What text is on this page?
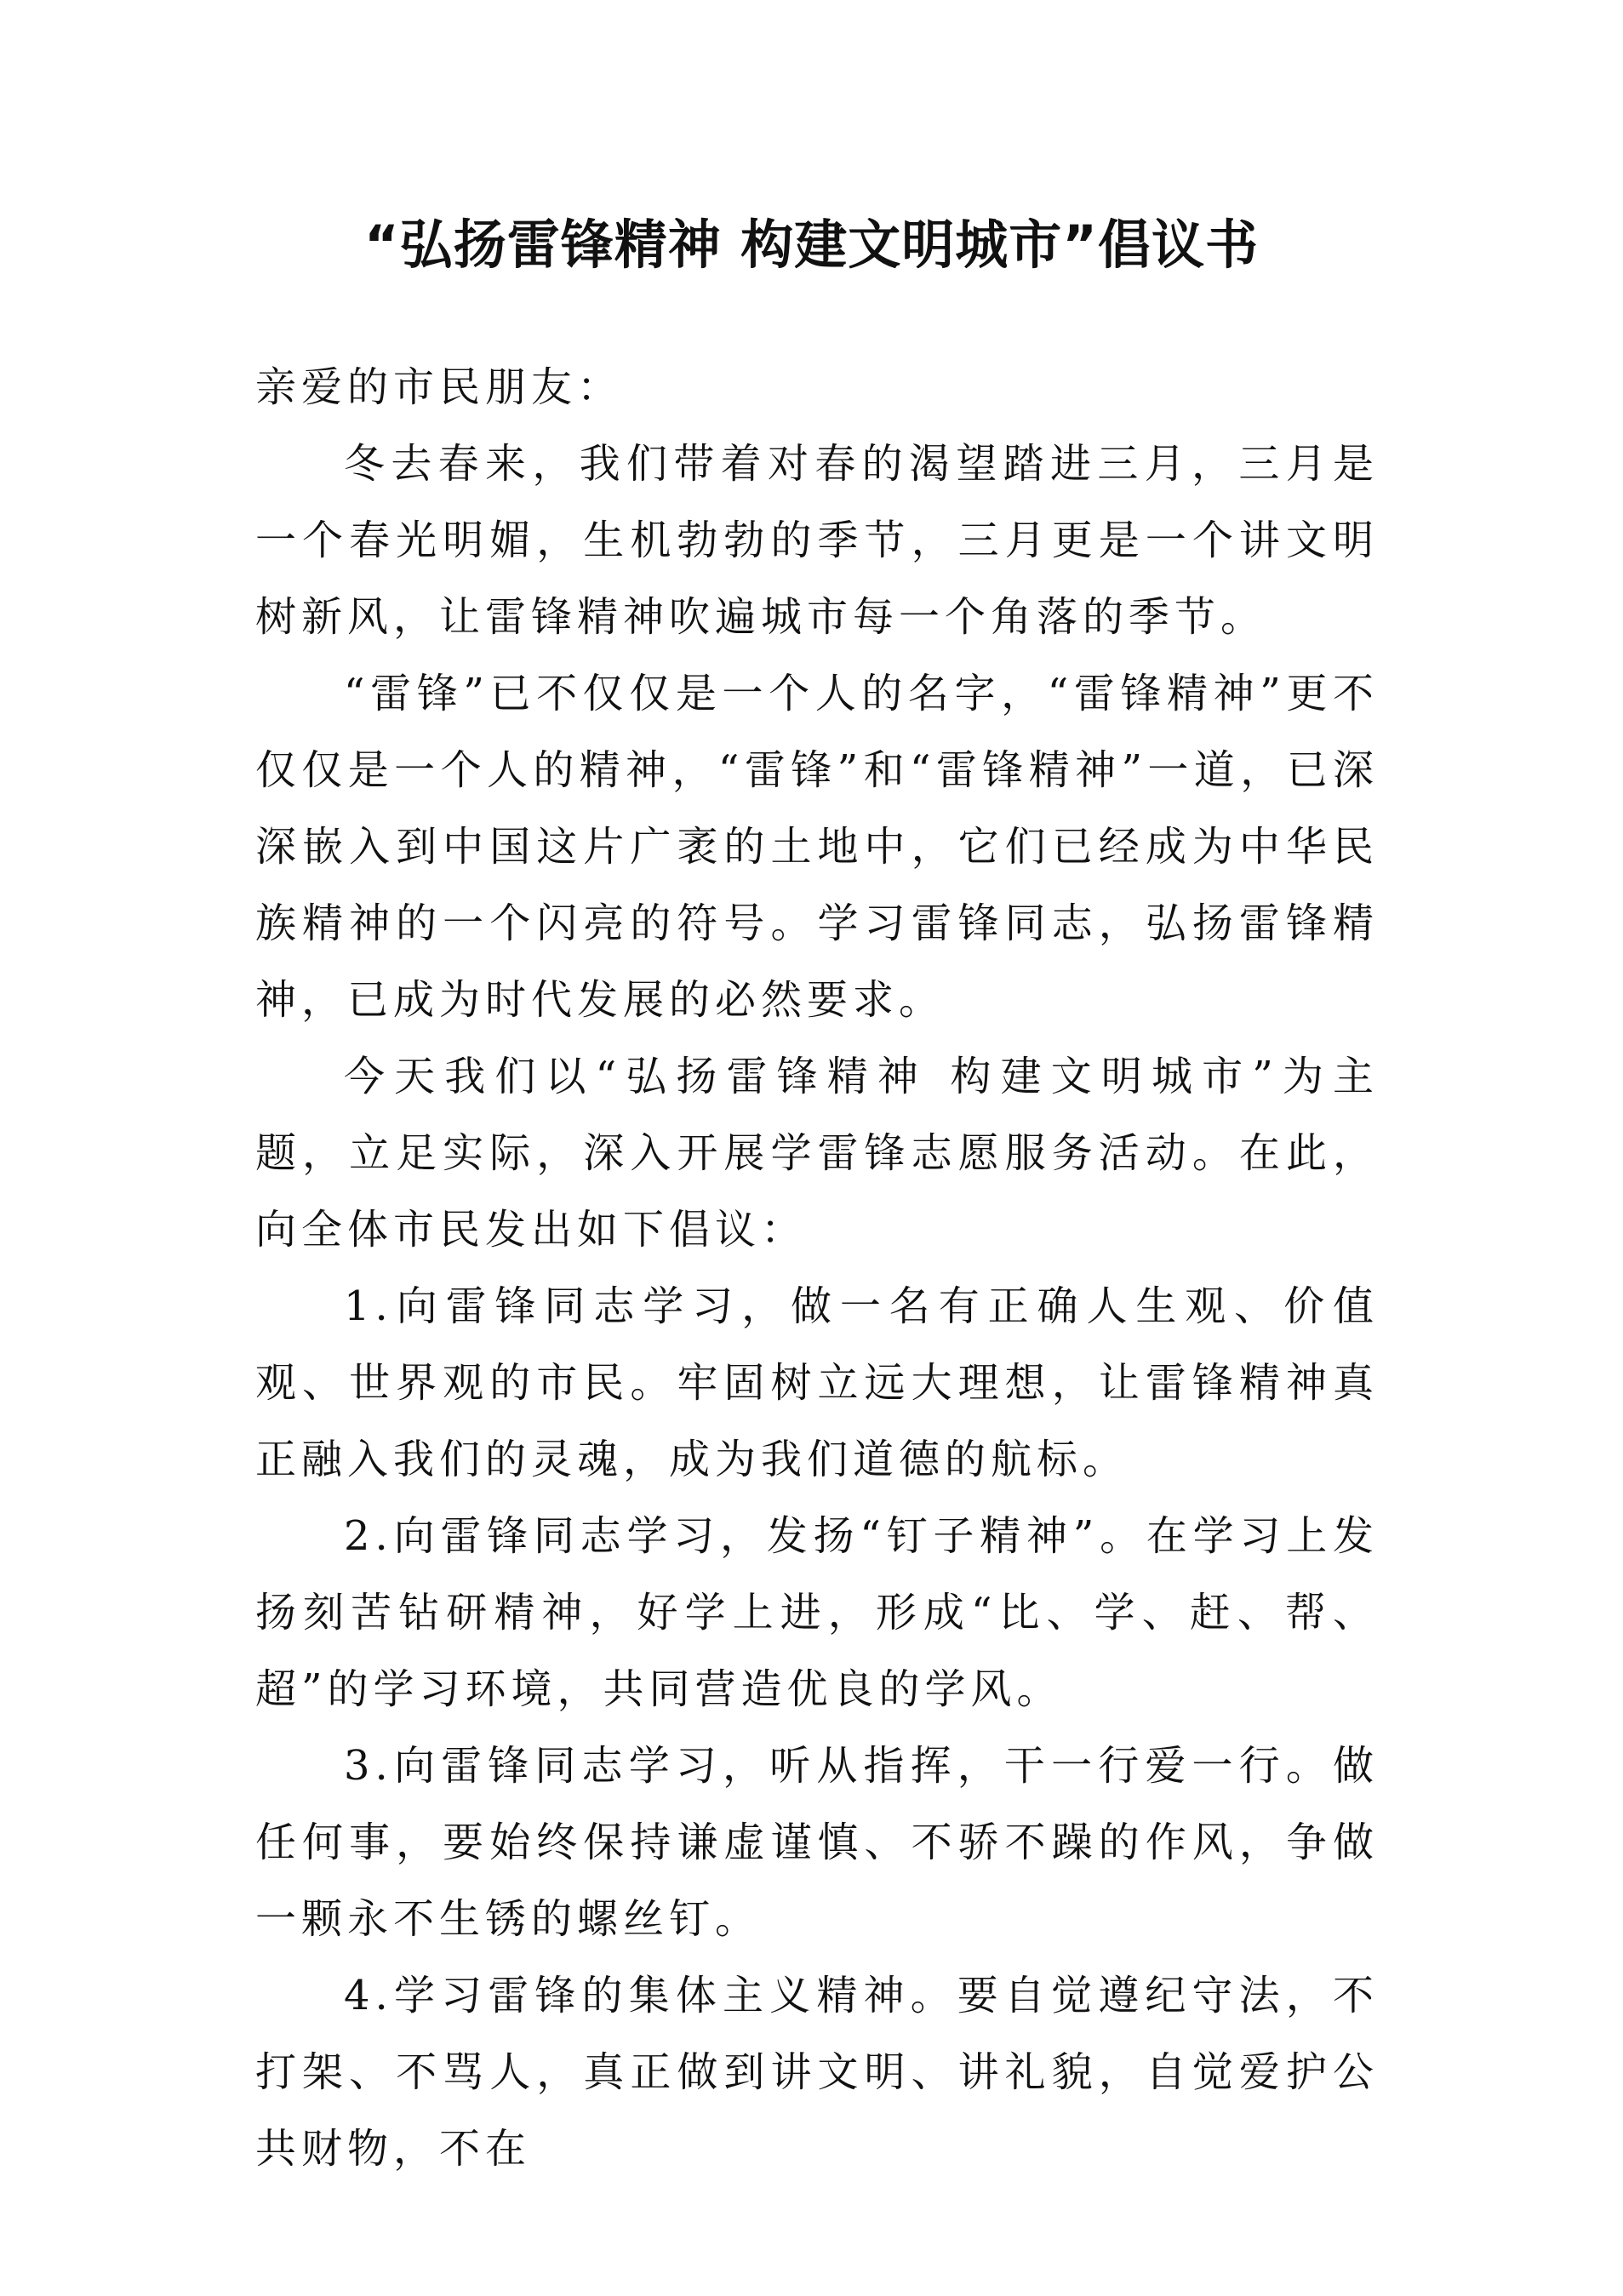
“弘扬雷锋精神 构建文明城市”倡议书

亲爱的市民朋友：

冬去春来，我们带着对春的渴望踏进三月，三月是一个春光明媚，生机勃勃的季节，三月更是一个讲文明树新风，让雷锋精神吹遍城市每一个角落的季节。

“雷锋”已不仅仅是一个人的名字，“雷锋精神”更不仅仅是一个人的精神，“雷锋”和“雷锋精神”一道，已深深嵌入到中国这片广袤的土地中，它们已经成为中华民族精神的一个闪亮的符号。学习雷锋同志，弘扬雷锋精神，已成为时代发展的必然要求。

今天我们以“弘扬雷锋精神 构建文明城市”为主题，立足实际，深入开展学雷锋志愿服务活动。在此，向全体市民发出如下倡议：

1.向雷锋同志学习，做一名有正确人生观、价值观、世界观的市民。牢固树立远大理想，让雷锋精神真正融入我们的灵魂，成为我们道德的航标。

2.向雷锋同志学习，发扬“钉子精神”。在学习上发扬刻苦钻研精神，好学上进，形成“比、学、赶、帮、超”的学习环境，共同营造优良的学风。

3.向雷锋同志学习，听从指挥，干一行爱一行。做任何事，要始终保持谦虚谨慎、不骄不躁的作风，争做一颗永不生锈的螺丝钉。

4.学习雷锋的集体主义精神。要自觉遵纪守法，不打架、不骂人，真正做到讲文明、讲礼貌，自觉爱护公共财物，不在
